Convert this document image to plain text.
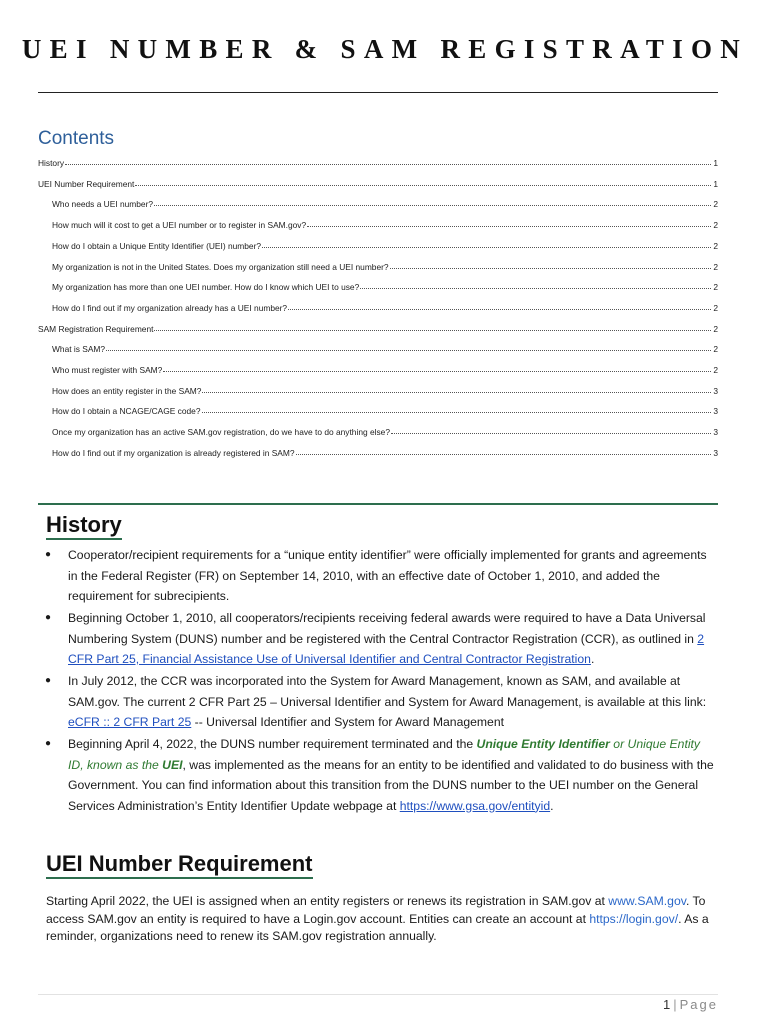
UEI NUMBER & SAM REGISTRATION
Contents
History	1
UEI Number Requirement	1
Who needs a UEI number?	2
How much will it cost to get a UEI number or to register in SAM.gov?	2
How do I obtain a Unique Entity Identifier (UEI) number?	2
My organization is not in the United States. Does my organization still need a UEI number?	2
My organization has more than one UEI number. How do I know which UEI to use?	2
How do I find out if my organization already has a UEI number?	2
SAM Registration Requirement	2
What is SAM?	2
Who must register with SAM?	2
How does an entity register in the SAM?	3
How do I obtain a NCAGE/CAGE code?	3
Once my organization has an active SAM.gov registration, do we have to do anything else?	3
How do I find out if my organization is already registered in SAM?	3
History
● Cooperator/recipient requirements for a “unique entity identifier” were officially implemented for grants and agreements in the Federal Register (FR) on September 14, 2010, with an effective date of October 1, 2010, and added the requirement for subrecipients.

● Beginning October 1, 2010, all cooperators/recipients receiving federal awards were required to have a Data Universal Numbering System (DUNS) number and be registered with the Central Contractor Registration (CCR), as outlined in 2 CFR Part 25, Financial Assistance Use of Universal Identifier and Central Contractor Registration.

● In July 2012, the CCR was incorporated into the System for Award Management, known as SAM, and available at SAM.gov. The current 2 CFR Part 25 – Universal Identifier and System for Award Management, is available at this link: eCFR :: 2 CFR Part 25 -- Universal Identifier and System for Award Management

● Beginning April 4, 2022, the DUNS number requirement terminated and the Unique Entity Identifier or Unique Entity ID, known as the UEI, was implemented as the means for an entity to be identified and validated to do business with the Government. You can find information about this transition from the DUNS number to the UEI number on the General Services Administration’s Entity Identifier Update webpage at https://www.gsa.gov/entityid.

UEI Number Requirement

Starting April 2022, the UEI is assigned when an entity registers or renews its registration in SAM.gov at www.SAM.gov. To access SAM.gov an entity is required to have a Login.gov account. Entities can create an account at https://login.gov/. As a reminder, organizations need to renew its SAM.gov registration annually.

1 | Page
